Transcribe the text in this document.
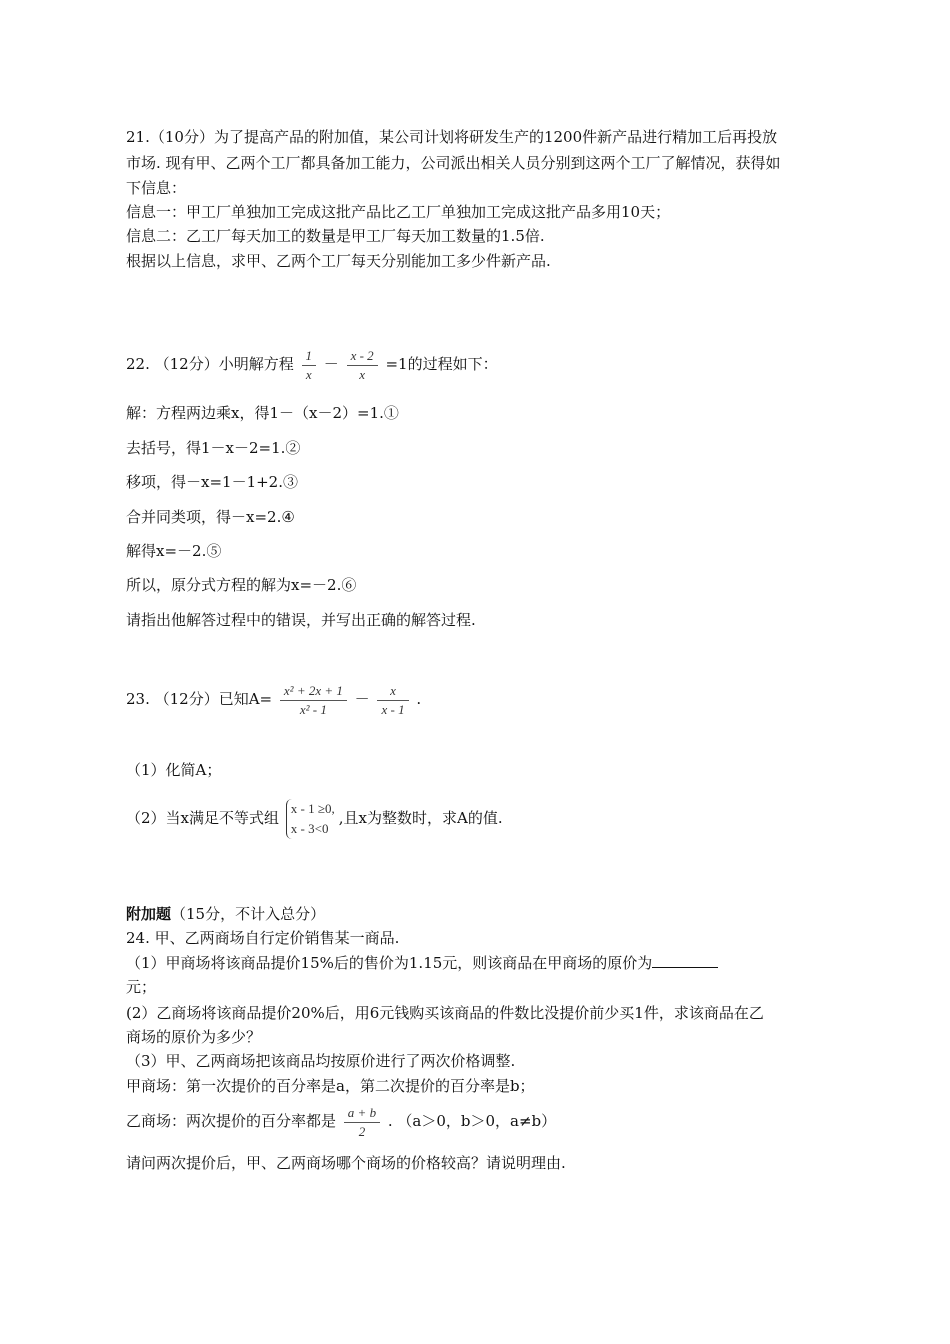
21.（10分）为了提高产品的附加值，某公司计划将研发生产的1200件新产品进行精加工后再投放
市场. 现有甲、乙两个工厂都具备加工能力，公司派出相关人员分别到这两个工厂了解情况，获得如
下信息：
信息一：甲工厂单独加工完成这批产品比乙工厂单独加工完成这批产品多用10天；
信息二：乙工厂每天加工的数量是甲工厂每天加工数量的1.5倍.
根据以上信息，求甲、乙两个工厂每天分别能加工多少件新产品.
22. （12分）小明解方程 $\frac{1}{x} - \frac{x - 2}{x} =1$的过程如下：
解：方程两边乘x，得1－（x－2）=1.①
去括号，得1－x－2=1.②
移项，得－x=1－1+2.③
合并同类项，得－x=2.④
解得x=－2.⑤
所以，原分式方程的解为x=－2.⑥
请指出他解答过程中的错误，并写出正确的解答过程.
23. （12分）已知$A= \frac{\text{x² + 2x + 1}}{\text{x² - 1}} - \frac{x}{x - 1}$ .
（1）化简A；
（2）当x满足不等式组
x - 1 ≥0,
x - 3<0
,且x为整数时，求A的值.
附加题（15分，不计入总分）
24. 甲、乙两商场自行定价销售某一商品.
（1）甲商场将该商品提价15%后的售价为1.15元，则该商品在甲商场的原价为
元；
(2）乙商场将该商品提价20%后，用6元钱购买该商品的件数比没提价前少买1件，求该商品在乙
商场的原价为多少？
（3）甲、乙两商场把该商品均按原价进行了两次价格调整.
甲商场：第一次提价的百分率是a，第二次提价的百分率是b；
乙商场：两次提价的百分率都是 $\frac{a + b}{2}$ . （a＞0，b＞0，a≠b）
请问两次提价后，甲、乙两商场哪个商场的价格较高？请说明理由.
